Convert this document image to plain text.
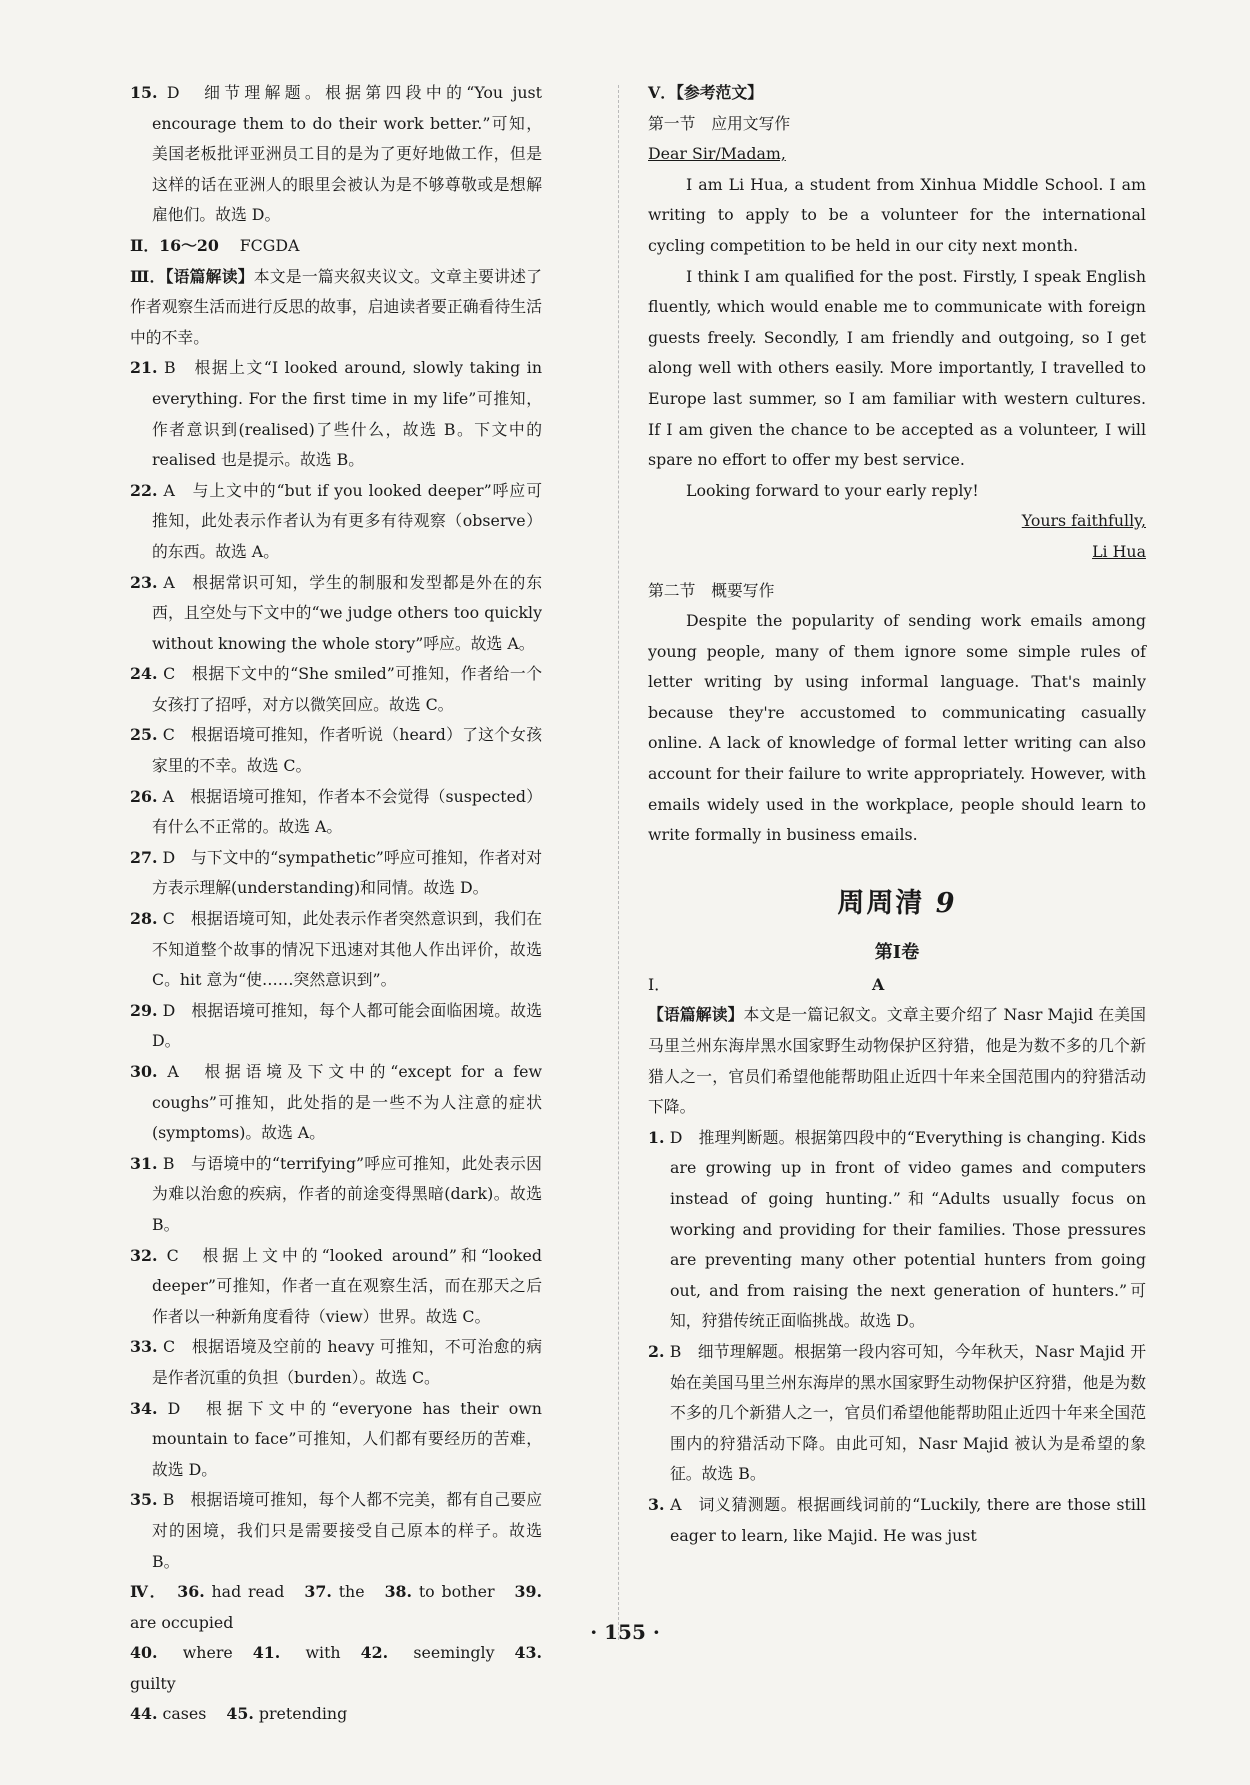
15. D　细节理解题。根据第四段中的“You just encourage them to do their work better.”可知，美国老板批评亚洲员工目的是为了更好地做工作，但是这样的话在亚洲人的眼里会被认为是不够尊敬或是想解雇他们。故选 D。
Ⅱ．16～20　 FCGDA
Ⅲ．【语篇解读】本文是一篇夹叙夹议文。文章主要讲述了作者观察生活而进行反思的故事，启迪读者要正确看待生活中的不幸。
21. B　根据上文“I looked around, slowly taking in everything. For the first time in my life”可推知，作者意识到(realised)了些什么，故选 B。下文中的 realised 也是提示。故选 B。
22. A　与上文中的“but if you looked deeper”呼应可推知，此处表示作者认为有更多有待观察（observe）的东西。故选 A。
23. A　根据常识可知，学生的制服和发型都是外在的东西，且空处与下文中的“we judge others too quickly without knowing the whole story”呼应。故选 A。
24. C　根据下文中的“She smiled”可推知，作者给一个女孩打了招呼，对方以微笑回应。故选 C。
25. C　根据语境可推知，作者听说（heard）了这个女孩家里的不幸。故选 C。
26. A　根据语境可推知，作者本不会觉得（suspected）有什么不正常的。故选 A。
27. D　与下文中的“sympathetic”呼应可推知，作者对对方表示理解(understanding)和同情。故选 D。
28. C　根据语境可知，此处表示作者突然意识到，我们在不知道整个故事的情况下迅速对其他人作出评价，故选 C。hit 意为“使……突然意识到”。
29. D　根据语境可推知，每个人都可能会面临困境。故选 D。
30. A　根据语境及下文中的“except for a few coughs”可推知，此处指的是一些不为人注意的症状(symptoms)。故选 A。
31. B　与语境中的“terrifying”呼应可推知，此处表示因为难以治愈的疾病，作者的前途变得黑暗(dark)。故选 B。
32. C　根据上文中的“looked around”和“looked deeper”可推知，作者一直在观察生活，而在那天之后作者以一种新角度看待（view）世界。故选 C。
33. C　根据语境及空前的 heavy 可推知，不可治愈的病是作者沉重的负担（burden）。故选 C。
34. D　根据下文中的“everyone has their own mountain to face”可推知，人们都有要经历的苦难，故选 D。
35. B　根据语境可推知，每个人都不完美，都有自己要应对的困境，我们只是需要接受自己原本的样子。故选 B。
Ⅳ． 36. had read 37. the 38. to bother 39. are occupied
40. where 41. with 42. seemingly 43. guilty
44. cases 45. pretending
Ⅴ．【参考范文】
第一节　应用文写作
Dear Sir/Madam,
I am Li Hua, a student from Xinhua Middle School. I am writing to apply to be a volunteer for the international cycling competition to be held in our city next month.
I think I am qualified for the post. Firstly, I speak English fluently, which would enable me to communicate with foreign guests freely. Secondly, I am friendly and outgoing, so I get along well with others easily. More importantly, I travelled to Europe last summer, so I am familiar with western cultures. If I am given the chance to be accepted as a volunteer, I will spare no effort to offer my best service.
Looking forward to your early reply!
Yours faithfully,
Li Hua
第二节　概要写作
Despite the popularity of sending work emails among young people, many of them ignore some simple rules of letter writing by using informal language. That's mainly because they're accustomed to communicating casually online. A lack of knowledge of formal letter writing can also account for their failure to write appropriately. However, with emails widely used in the workplace, people should learn to write formally in business emails.
周周清 9
第Ⅰ卷
Ⅰ．	A
【语篇解读】本文是一篇记叙文。文章主要介绍了 Nasr Majid 在美国马里兰州东海岸黑水国家野生动物保护区狩猎，他是为数不多的几个新猎人之一，官员们希望他能帮助阻止近四十年来全国范围内的狩猎活动下降。
1. D　推理判断题。根据第四段中的“Everything is changing. Kids are growing up in front of video games and computers instead of going hunting.”和“Adults usually focus on working and providing for their families. Those pressures are preventing many other potential hunters from going out, and from raising the next generation of hunters.”可知，狩猎传统正面临挑战。故选 D。
2. B　细节理解题。根据第一段内容可知，今年秋天，Nasr Majid 开始在美国马里兰州东海岸的黑水国家野生动物保护区狩猎，他是为数不多的几个新猎人之一，官员们希望他能帮助阻止近四十年来全国范围内的狩猎活动下降。由此可知，Nasr Majid 被认为是希望的象征。故选 B。
3. A　词义猜测题。根据画线词前的“Luckily, there are those still eager to learn, like Majid. He was just
· 155 ·
